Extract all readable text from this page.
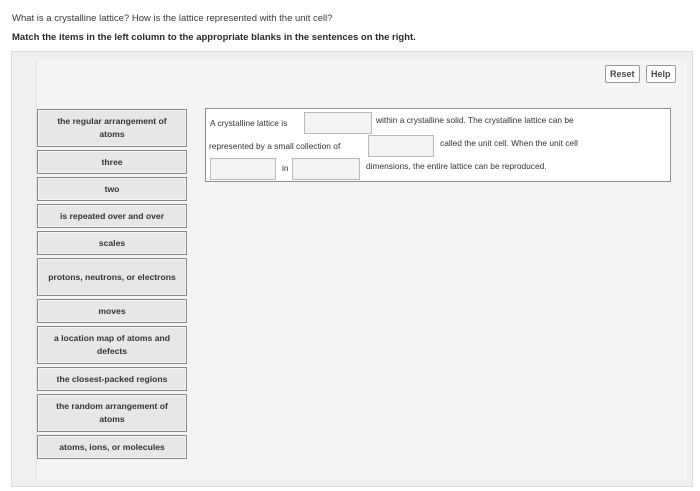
What is a crystalline lattice? How is the lattice represented with the unit cell?
Match the items in the left column to the appropriate blanks in the sentences on the right.
Reset	Help
the regular arrangement of atoms
three
two
is repeated over and over
scales
protons, neutrons, or electrons
moves
a location map of atoms and defects
the closest-packed regions
the random arrangement of atoms
atoms, ions, or molecules
A crystalline lattice is	within a crystalline solid. The crystalline lattice can be
represented by a small collection of	called the unit cell. When the unit cell
in	dimensions, the entire lattice can be reproduced.
